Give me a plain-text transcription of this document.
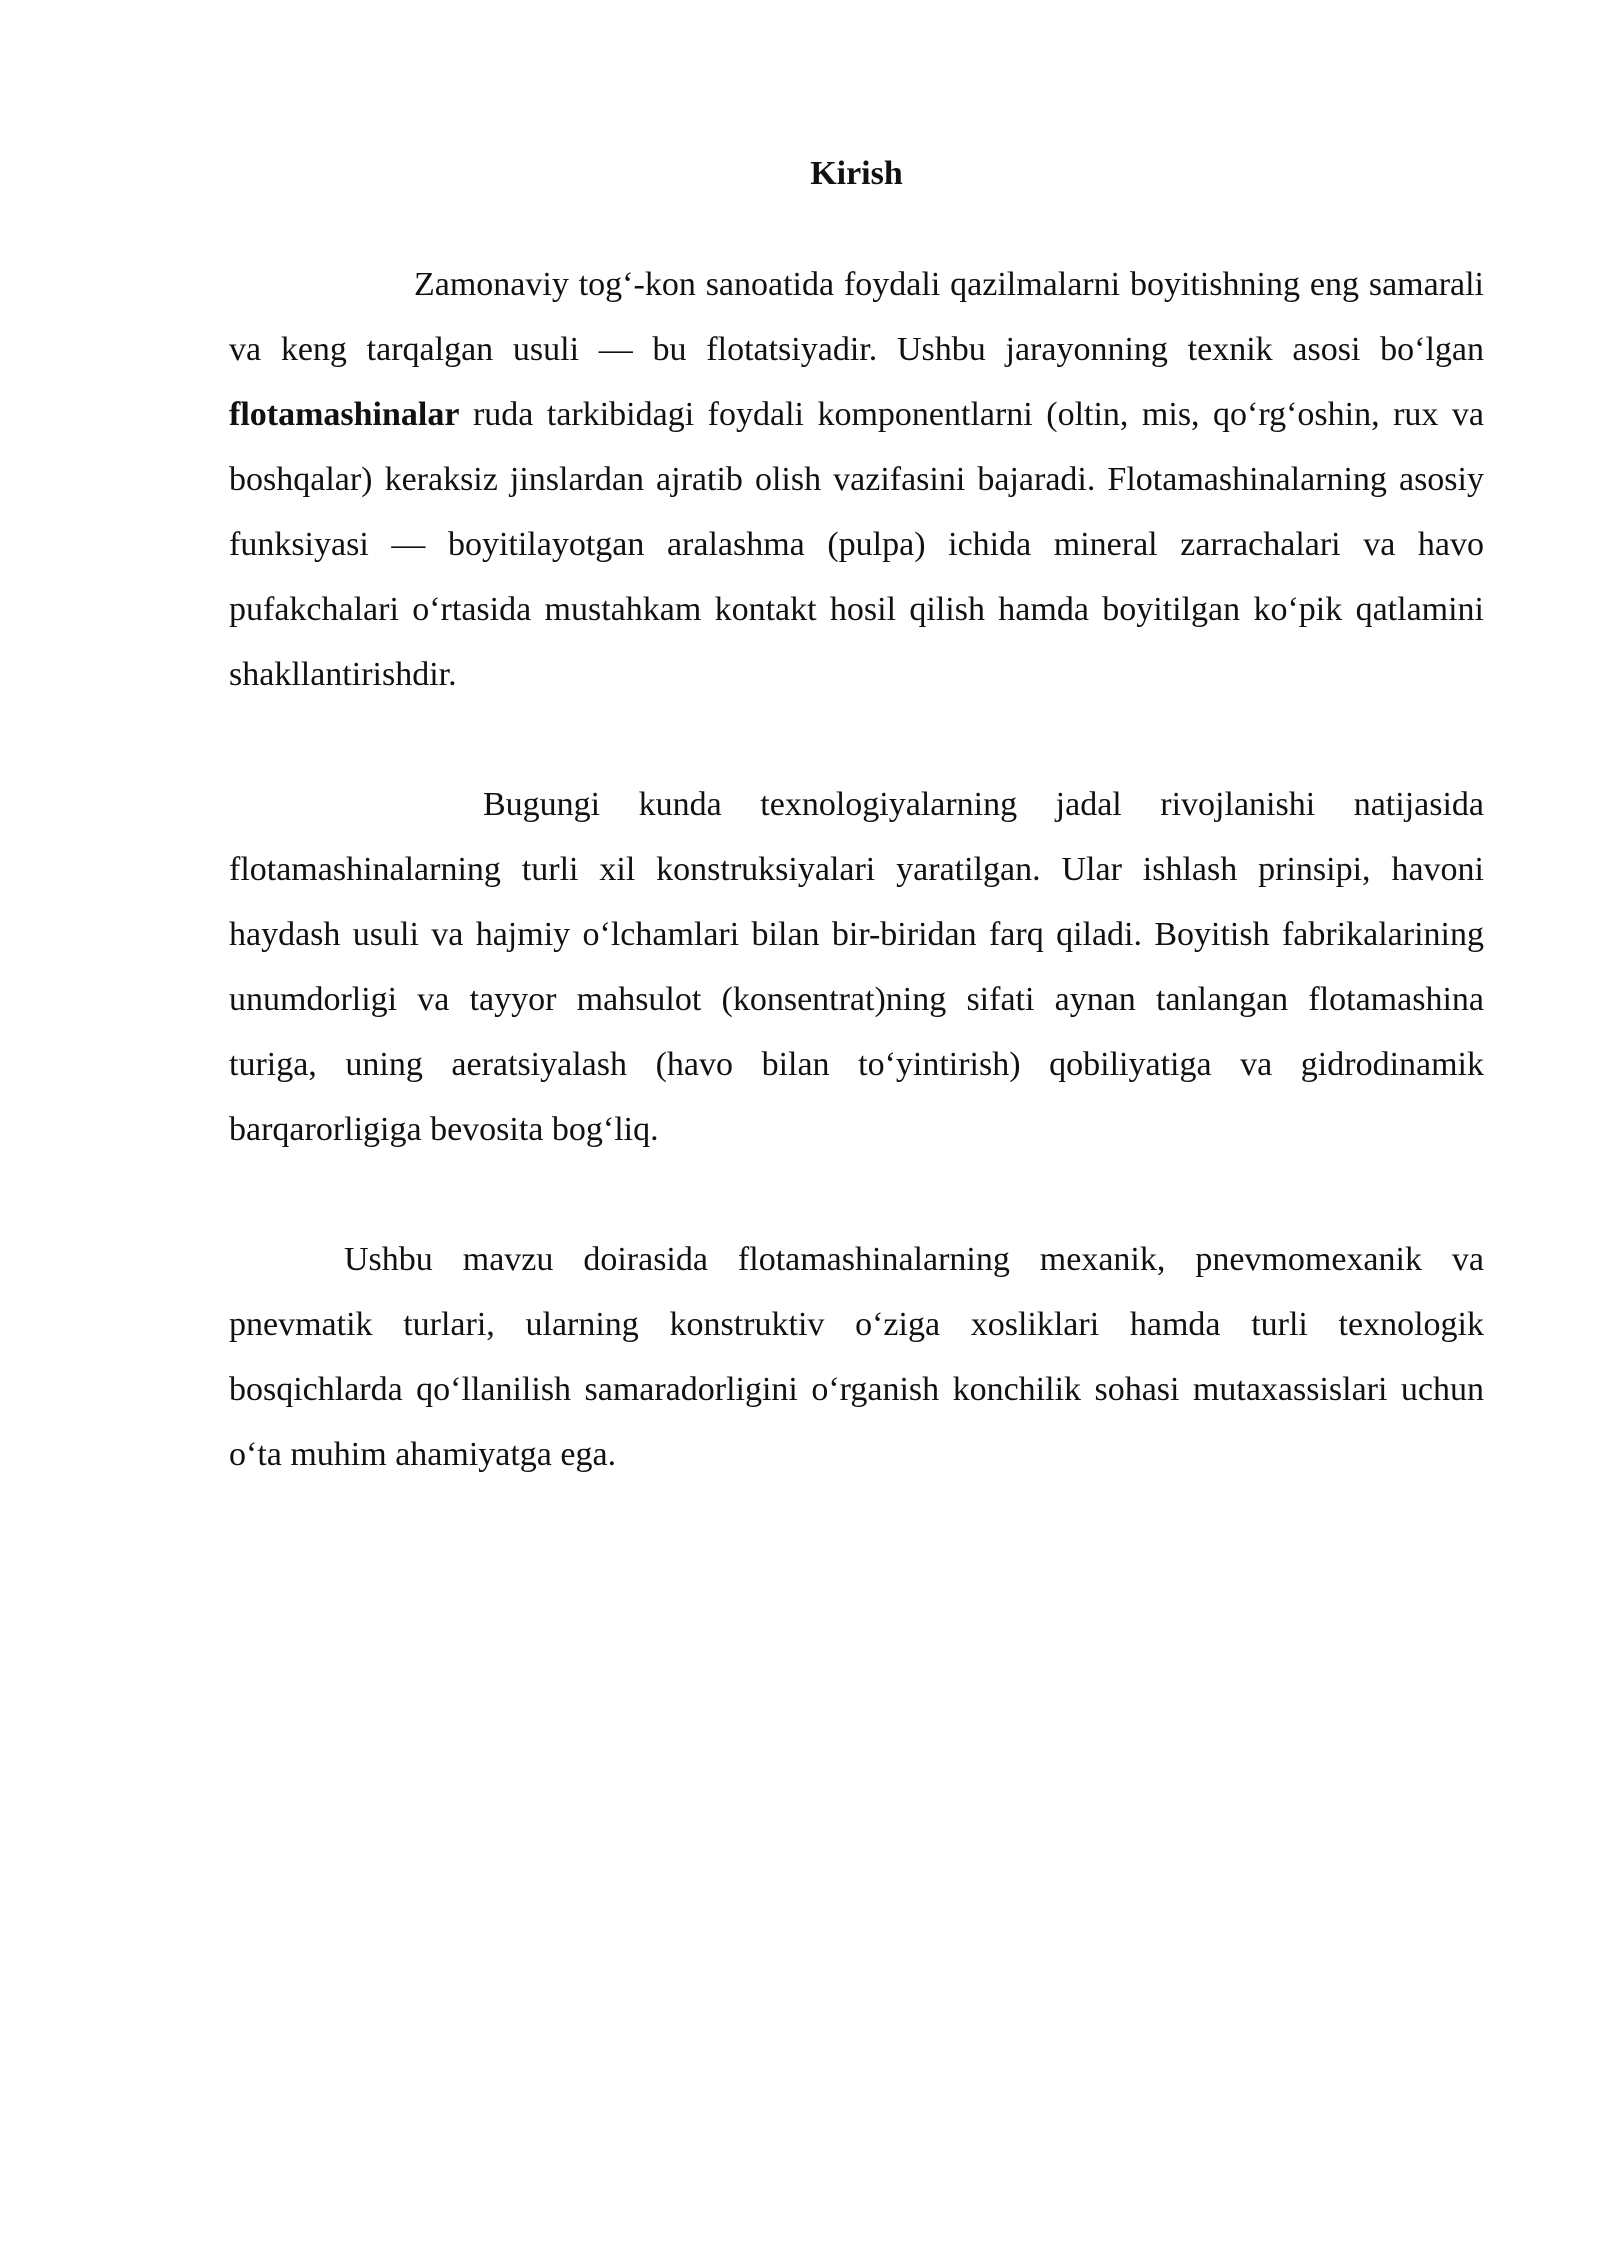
Kirish

Zamonaviy tog‘-kon sanoatida foydali qazilmalarni boyitishning eng samarali va keng tarqalgan usuli — bu flotatsiyadir. Ushbu jarayonning texnik asosi bo‘lgan flotamashinalar ruda tarkibidagi foydali komponentlarni (oltin, mis, qo‘rg‘oshin, rux va boshqalar) keraksiz jinslardan ajratib olish vazifasini bajaradi. Flotamashinalarning asosiy funksiyasi — boyitilayotgan aralashma (pulpa) ichida mineral zarrachalari va havo pufakchalari o‘rtasida mustahkam kontakt hosil qilish hamda boyitilgan ko‘pik qatlamini shakllantirishdir.

Bugungi kunda texnologiyalarning jadal rivojlanishi natijasida flotamashinalarning turli xil konstruksiyalari yaratilgan. Ular ishlash prinsipi, havoni haydash usuli va hajmiy o‘lchamlari bilan bir-biridan farq qiladi. Boyitish fabrikalarining unumdorligi va tayyor mahsulot (konsentrat)ning sifati aynan tanlangan flotamashina turiga, uning aeratsiyalash (havo bilan to‘yintirish) qobiliyatiga va gidrodinamik barqarorligiga bevosita bog‘liq.

Ushbu mavzu doirasida flotamashinalarning mexanik, pnevmomexanik va pnevmatik turlari, ularning konstruktiv o‘ziga xosliklari hamda turli texnologik bosqichlarda qo‘llanilish samaradorligini o‘rganish konchilik sohasi mutaxassislari uchun o‘ta muhim ahamiyatga ega.
